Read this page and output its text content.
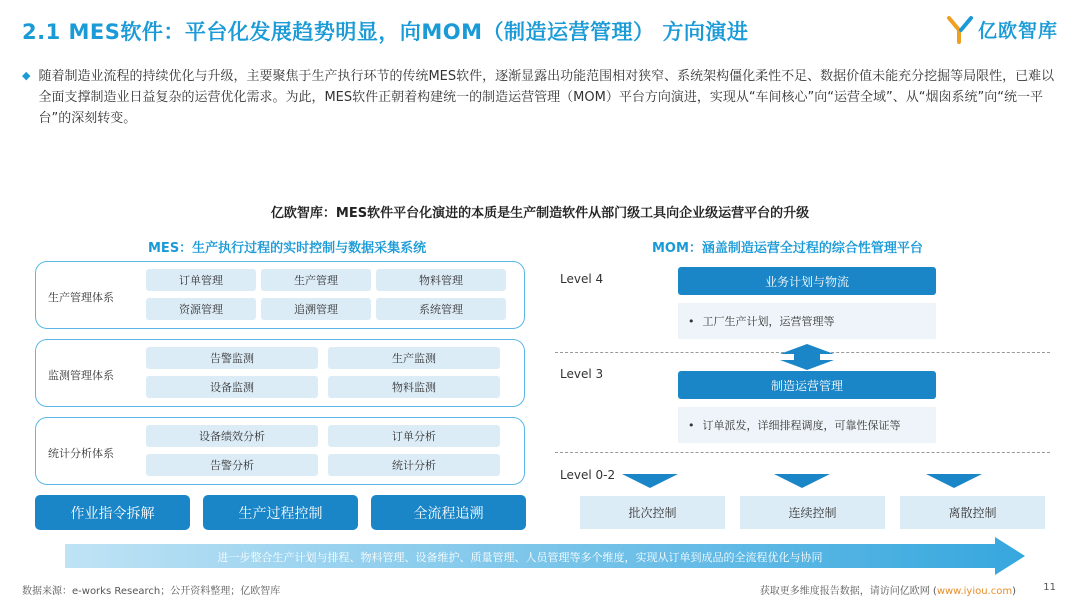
2.1 MES软件：平台化发展趋势明显，向MOM（制造运营管理） 方向演进	亿欧智库
◆ 随着制造业流程的持续优化与升级，主要聚焦于生产执行环节的传统MES软件，逐渐显露出功能范围相对狭窄、系统架构僵化柔性不足、数据价值未能充分挖掘等局限性，已难以全面支撑制造业日益复杂的运营优化需求。为此，MES软件正朝着构建统一的制造运营管理（MOM）平台方向演进，实现从“车间核心”向“运营全域”、从“烟囱系统”向“统一平台”的深刻转变。

亿欧智库：MES软件平台化演进的本质是生产制造软件从部门级工具向企业级运营平台的升级
MES：生产执行过程的实时控制与数据采集系统	MOM：涵盖制造运营全过程的综合性管理平台
生产管理体系
订单管理	生产管理	物料管理
资源管理	追溯管理	系统管理
监测管理体系
告警监测	生产监测
设备监测	物料监测
统计分析体系
设备绩效分析	订单分析
告警分析	统计分析
作业指令拆解	生产过程控制	全流程追溯
Level 4
Level 3
Level 0-2
业务计划与物流
• 工厂生产计划，运营管理等
制造运营管理
• 订单派发，详细排程调度，可靠性保证等
批次控制	连续控制	离散控制
进一步整合生产计划与排程、物料管理、设备维护、质量管理、人员管理等多个维度，实现从订单到成品的全流程优化与协同
数据来源：e-works Research；公开资料整理；亿欧智库	获取更多维度报告数据，请访问亿欧网 (www.iyiou.com)	11
